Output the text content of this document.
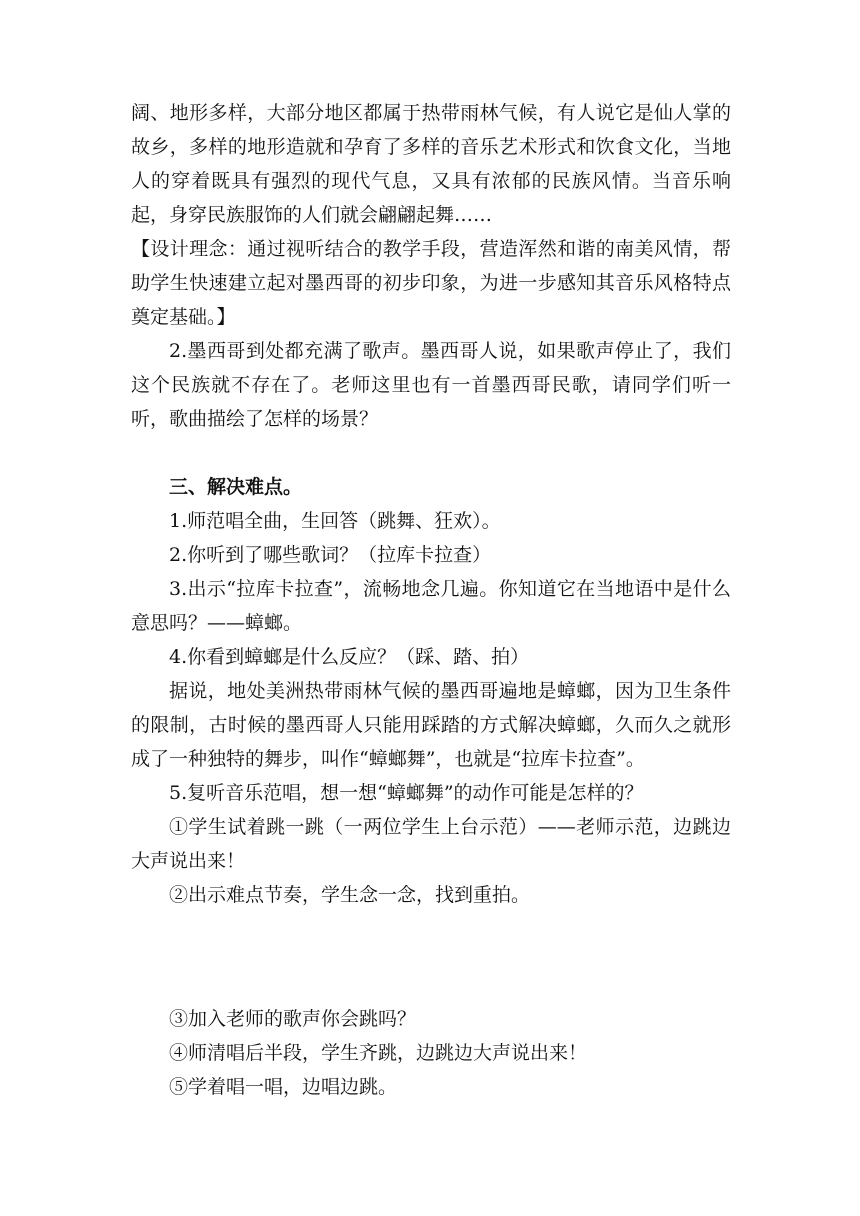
阔、地形多样，大部分地区都属于热带雨林气候，有人说它是仙人掌的故乡，多样的地形造就和孕育了多样的音乐艺术形式和饮食文化，当地人的穿着既具有强烈的现代气息，又具有浓郁的民族风情。当音乐响起，身穿民族服饰的人们就会翩翩起舞……

【设计理念：通过视听结合的教学手段，营造浑然和谐的南美风情，帮助学生快速建立起对墨西哥的初步印象，为进一步感知其音乐风格特点奠定基础。】

2.墨西哥到处都充满了歌声。墨西哥人说，如果歌声停止了，我们这个民族就不存在了。老师这里也有一首墨西哥民歌，请同学们听一听，歌曲描绘了怎样的场景？

三、解决难点。

1.师范唱全曲，生回答（跳舞、狂欢）。

2.你听到了哪些歌词？（拉库卡拉查）

3.出示“拉库卡拉查”，流畅地念几遍。你知道它在当地语中是什么意思吗？——蟑螂。

4.你看到蟑螂是什么反应？（踩、踏、拍）

据说，地处美洲热带雨林气候的墨西哥遍地是蟑螂，因为卫生条件的限制，古时候的墨西哥人只能用踩踏的方式解决蟑螂，久而久之就形成了一种独特的舞步，叫作“蟑螂舞”，也就是“拉库卡拉查”。

5.复听音乐范唱，想一想“蟑螂舞”的动作可能是怎样的？

①学生试着跳一跳（一两位学生上台示范）——老师示范，边跳边大声说出来！

②出示难点节奏，学生念一念，找到重拍。

③加入老师的歌声你会跳吗？

④师清唱后半段，学生齐跳，边跳边大声说出来！

⑤学着唱一唱，边唱边跳。
